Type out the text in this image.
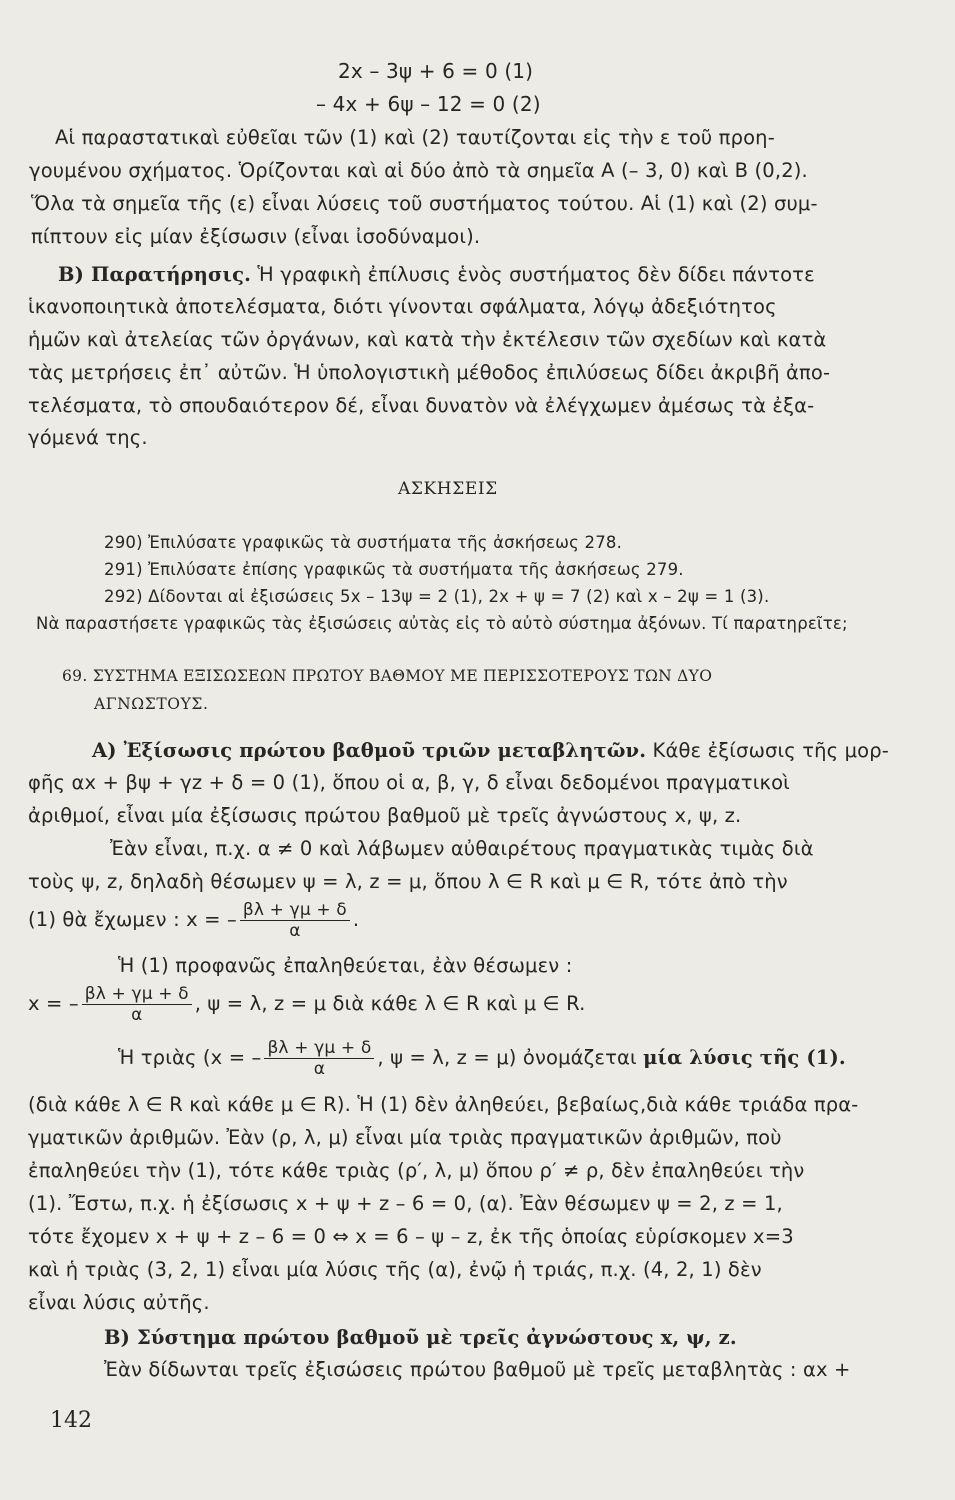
2x – 3ψ + 6 = 0 (1)
– 4x + 6ψ – 12 = 0 (2)
Αἱ παραστατικαὶ εὐθεῖαι τῶν (1) καὶ (2) ταυτίζονται εἰς τὴν ε τοῦ προη-
γουμένου σχήματος. Ὁρίζονται καὶ αἱ δύο ἀπὸ τὰ σημεῖα Α (– 3, 0) καὶ Β (0,2).
Ὅλα τὰ σημεῖα τῆς (ε) εἶναι λύσεις τοῦ συστήματος τούτου. Αἱ (1) καὶ (2) συμ-
πίπτουν εἰς μίαν ἐξίσωσιν (εἶναι ἰσοδύναμοι).
Β) Παρατήρησις. Ἡ γραφικὴ ἐπίλυσις ἑνὸς συστήματος δὲν δίδει πάντοτε
ἱκανοποιητικὰ ἀποτελέσματα, διότι γίνονται σφάλματα, λόγῳ ἀδεξιότητος
ἡμῶν καὶ ἀτελείας τῶν ὀργάνων, καὶ κατὰ τὴν ἐκτέλεσιν τῶν σχεδίων καὶ κατὰ
τὰς μετρήσεις ἐπ᾿ αὐτῶν. Ἡ ὑπολογιστικὴ μέθοδος ἐπιλύσεως δίδει ἀκριβῆ ἀπο-
τελέσματα, τὸ σπουδαιότερον δέ, εἶναι δυνατὸν νὰ ἐλέγχωμεν ἀμέσως τὰ ἐξα-
γόμενά της.
ΑΣΚΗΣΕΙΣ
290) Ἐπιλύσατε γραφικῶς τὰ συστήματα τῆς ἀσκήσεως 278.
291) Ἐπιλύσατε ἐπίσης γραφικῶς τὰ συστήματα τῆς ἀσκήσεως 279.
292) Δίδονται αἱ ἐξισώσεις 5x – 13ψ = 2 (1), 2x + ψ = 7 (2) καὶ x – 2ψ = 1 (3).
Νὰ παραστήσετε γραφικῶς τὰς ἐξισώσεις αὐτὰς εἰς τὸ αὐτὸ σύστημα ἀξόνων. Τί παρατηρεῖτε;
69. ΣΥΣΤΗΜΑ ΕΞΙΣΩΣΕΩΝ ΠΡΩΤΟΥ ΒΑΘΜΟΥ ΜΕ ΠΕΡΙΣΣΟΤΕΡΟΥΣ ΤΩΝ ΔΥΟ
ΑΓΝΩΣΤΟΥΣ.
Α) Ἐξίσωσις πρώτου βαθμοῦ τριῶν μεταβλητῶν. Κάθε ἐξίσωσις τῆς μορ-
φῆς αx + βψ + γz + δ = 0 (1), ὅπου οἱ α, β, γ, δ εἶναι δεδομένοι πραγματικοὶ
ἀριθμοί, εἶναι μία ἐξίσωσις πρώτου βαθμοῦ μὲ τρεῖς ἀγνώστους x, ψ, z.
Ἐὰν εἶναι, π.χ. α ≠ 0 καὶ λάβωμεν αὐθαιρέτους πραγματικὰς τιμὰς διὰ
τοὺς ψ, z, δηλαδὴ θέσωμεν ψ = λ, z = μ, ὅπου λ ∈ R καὶ μ ∈ R, τότε ἀπὸ τὴν
(1) θὰ ἔχωμεν : x = – $\frac{\beta\lambda + \gamma\mu + \delta}{\alpha}$ .
Ἡ (1) προφανῶς ἐπαληθεύεται, ἐὰν θέσωμεν :
x = – $\frac{\beta\lambda + \gamma\mu + \delta}{\alpha}$ , ψ = λ, z = μ διὰ κάθε λ ∈ R καὶ μ ∈ R.
Ἡ τριὰς (x = – $\frac{\beta\lambda + \gamma\mu + \delta}{\alpha}$ , ψ = λ, z = μ) ὀνομάζεται μία λύσις τῆς (1).
(διὰ κάθε λ ∈ R καὶ κάθε μ ∈ R). Ἡ (1) δὲν ἀληθεύει, βεβαίως,διὰ κάθε τριάδα πρα-
γματικῶν ἀριθμῶν. Ἐὰν (ρ, λ, μ) εἶναι μία τριὰς πραγματικῶν ἀριθμῶν, ποὺ
ἐπαληθεύει τὴν (1), τότε κάθε τριὰς (ρ′, λ, μ) ὅπου ρ′ ≠ ρ, δὲν ἐπαληθεύει τὴν
(1). Ἔστω, π.χ. ἡ ἐξίσωσις x + ψ + z – 6 = 0, (α). Ἐὰν θέσωμεν ψ = 2, z = 1,
τότε ἔχομεν x + ψ + z – 6 = 0 ⇔ x = 6 – ψ – z, ἐκ τῆς ὁποίας εὑρίσκομεν x=3
καὶ ἡ τριὰς (3, 2, 1) εἶναι μία λύσις τῆς (α), ἐνῷ ἡ τριάς, π.χ. (4, 2, 1) δὲν
εἶναι λύσις αὐτῆς.
Β) Σύστημα πρώτου βαθμοῦ μὲ τρεῖς ἀγνώστους x, ψ, z.
Ἐὰν δίδωνται τρεῖς ἐξισώσεις πρώτου βαθμοῦ μὲ τρεῖς μεταβλητὰς : αx +
142
